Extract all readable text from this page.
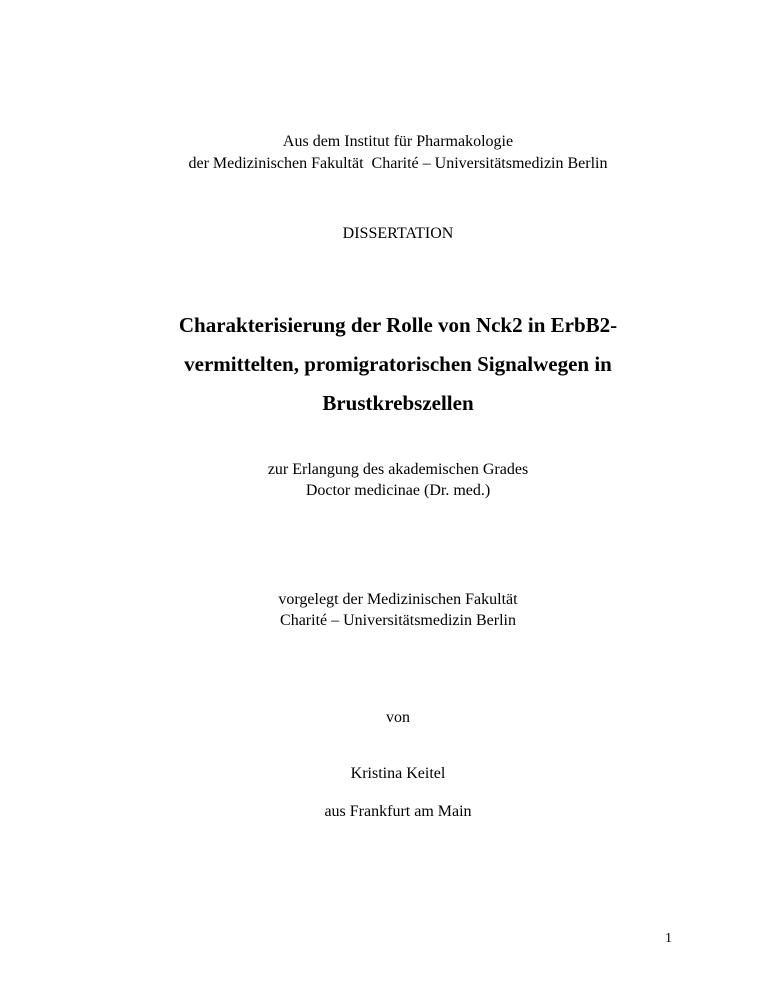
Aus dem Institut für Pharmakologie
der Medizinischen Fakultät  Charité – Universitätsmedizin Berlin
DISSERTATION
Charakterisierung der Rolle von Nck2 in ErbB2-
vermittelten, promigratorischen Signalwegen in
Brustkrebszellen
zur Erlangung des akademischen Grades
Doctor medicinae (Dr. med.)
vorgelegt der Medizinischen Fakultät
Charité – Universitätsmedizin Berlin
von
Kristina Keitel
aus Frankfurt am Main
1
